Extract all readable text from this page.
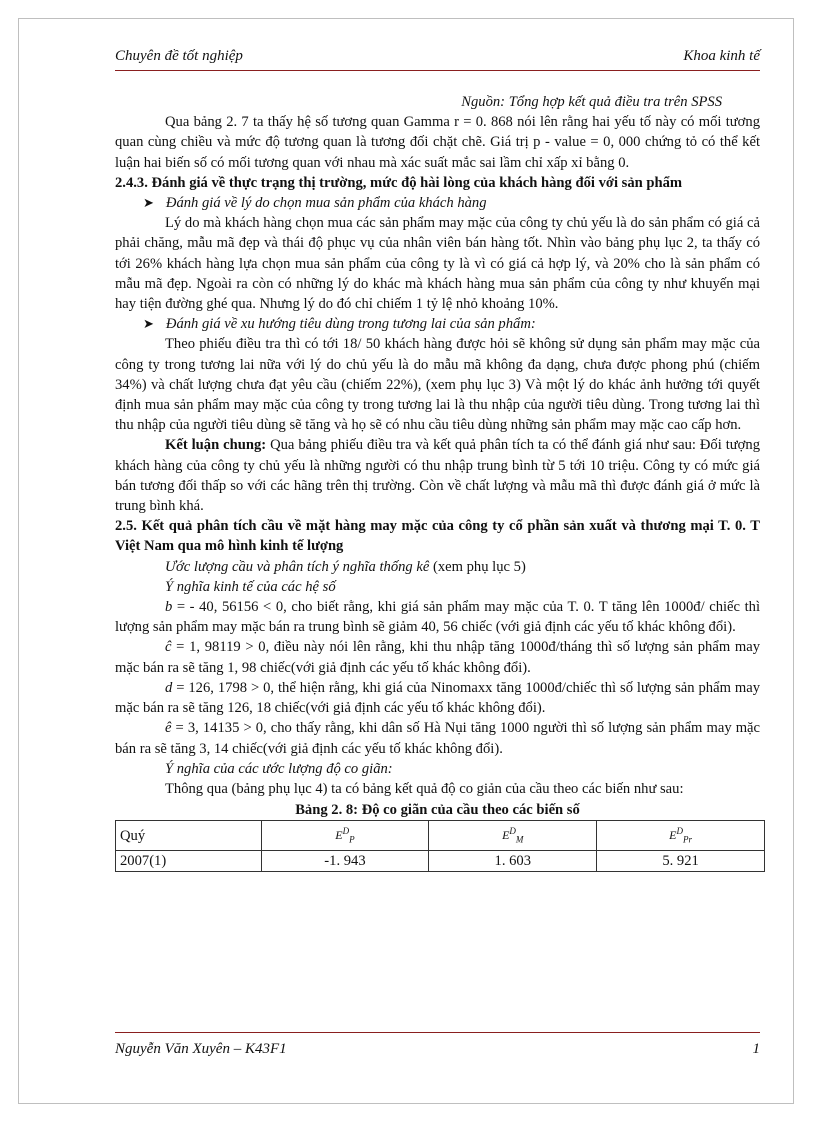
Chuyên đề tốt nghiệp	Khoa kinh tế

Nguồn: Tổng hợp kết quả điều tra trên SPSS

Qua bảng 2. 7 ta thấy hệ số tương quan Gamma r = 0. 868 nói lên rằng hai yếu tố này có mối tương quan cùng chiều và mức độ tương quan là tương đối chặt chẽ. Giá trị p - value = 0, 000 chứng tỏ có thể kết luận hai biến số có mối tương quan với nhau mà xác suất mắc sai lầm chỉ xấp xỉ bằng 0.

2.4.3. Đánh giá về thực trạng thị trường, mức độ hài lòng của khách hàng đối với sản phẩm

➤ Đánh giá về lý do chọn mua sản phẩm của khách hàng

Lý do mà khách hàng chọn mua các sản phẩm may mặc của công ty chủ yếu là do sản phẩm có giá cả phải chăng, mẫu mã đẹp và thái độ phục vụ của nhân viên bán hàng tốt. Nhìn vào bảng phụ lục 2, ta thấy có tới 26% khách hàng lựa chọn mua sản phẩm của công ty là vì có giá cả hợp lý, và 20% cho là sản phẩm có mẫu mã đẹp. Ngoài ra còn có những lý do khác mà khách hàng mua sản phẩm của công ty như khuyến mại hay tiện đường ghé qua. Nhưng lý do đó chỉ chiếm 1 tỷ lệ nhỏ khoảng 10%.

➤ Đánh giá về xu hướng tiêu dùng trong tương lai của sản phẩm:

Theo phiếu điều tra thì có tới 18/ 50 khách hàng được hỏi sẽ không sử dụng sản phẩm may mặc của công ty trong tương lai nữa với lý do chủ yếu là do mẫu mã không đa dạng, chưa được phong phú (chiếm 34%) và chất lượng chưa đạt yêu cầu (chiếm 22%), (xem phụ lục 3) Và một lý do khác ảnh hưởng tới quyết định mua sản phẩm may mặc của công ty trong tương lai là thu nhập của người tiêu dùng. Trong tương lai thì thu nhập của người tiêu dùng sẽ tăng và họ sẽ có nhu cầu tiêu dùng những sản phẩm may mặc cao cấp hơn.

Kết luận chung: Qua bảng phiếu điều tra và kết quả phân tích ta có thể đánh giá như sau: Đối tượng khách hàng của công ty chủ yếu là những người có thu nhập trung bình từ 5 tới 10 triệu. Công ty có mức giá bán tương đối thấp so với các hãng trên thị trường. Còn về chất lượng và mẫu mã thì được đánh giá ở mức là trung bình khá.

2.5. Kết quả phân tích cầu về mặt hàng may mặc của công ty cổ phần sản xuất và thương mại T. 0. T Việt Nam qua mô hình kinh tế lượng

Ước lượng cầu và phân tích ý nghĩa thống kê (xem phụ lục 5)

Ý nghĩa kinh tế của các hệ số

b = - 40, 56156 < 0, cho biết rằng, khi giá sản phẩm may mặc của T. 0. T tăng lên 1000đ/ chiếc thì lượng sản phẩm may mặc bán ra trung bình sẽ giảm 40, 56 chiếc (với giả định các yếu tố khác không đổi).

ĉ = 1, 98119 > 0, điều này nói lên rằng, khi thu nhập tăng 1000đ/tháng thì số lượng sản phẩm may mặc bán ra sẽ tăng 1, 98 chiếc(với giả định các yếu tố khác không đổi).

d = 126, 1798 > 0, thể hiện rằng, khi giá của Ninomaxx tăng 1000đ/chiếc thì số lượng sản phẩm may mặc bán ra sẽ tăng 126, 18 chiếc(với giả định các yếu tố khác không đổi).

ê = 3, 14135 > 0, cho thấy rằng, khi dân số Hà Nụi tăng 1000 người thì số lượng sản phẩm may mặc bán ra sẽ tăng 3, 14 chiếc(với giả định các yếu tố khác không đổi).

Ý nghĩa của các ước lượng độ co giãn:

Thông qua (bảng phụ lục 4) ta có bảng kết quả độ co giản của cầu theo các biến như sau:

Bảng 2. 8: Độ co giãn của cầu theo các biến số

Quý	$E^D_P$	$E^D_M$	$E^D_{Pr}$
2007(1)	-1. 943	1. 603	5. 921
Nguyễn Văn Xuyên – K43F1	1
